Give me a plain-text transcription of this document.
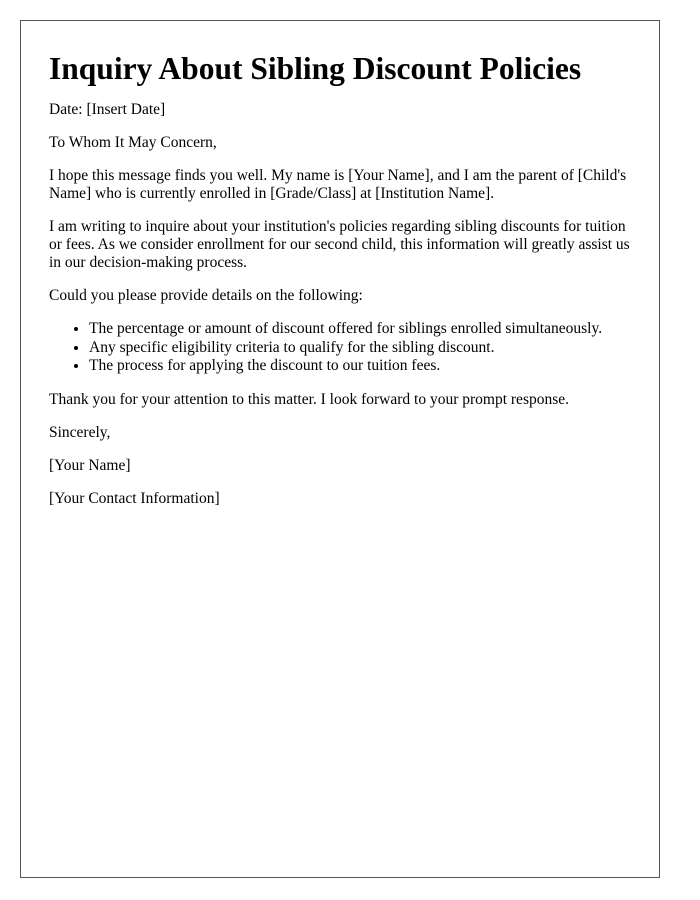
Inquiry About Sibling Discount Policies

Date: [Insert Date]

To Whom It May Concern,

I hope this message finds you well. My name is [Your Name], and I am the parent of [Child's Name] who is currently enrolled in [Grade/Class] at [Institution Name].

I am writing to inquire about your institution's policies regarding sibling discounts for tuition or fees. As we consider enrollment for our second child, this information will greatly assist us in our decision-making process.

Could you please provide details on the following:

• The percentage or amount of discount offered for siblings enrolled simultaneously.
• Any specific eligibility criteria to qualify for the sibling discount.
• The process for applying the discount to our tuition fees.

Thank you for your attention to this matter. I look forward to your prompt response.

Sincerely,

[Your Name]

[Your Contact Information]
